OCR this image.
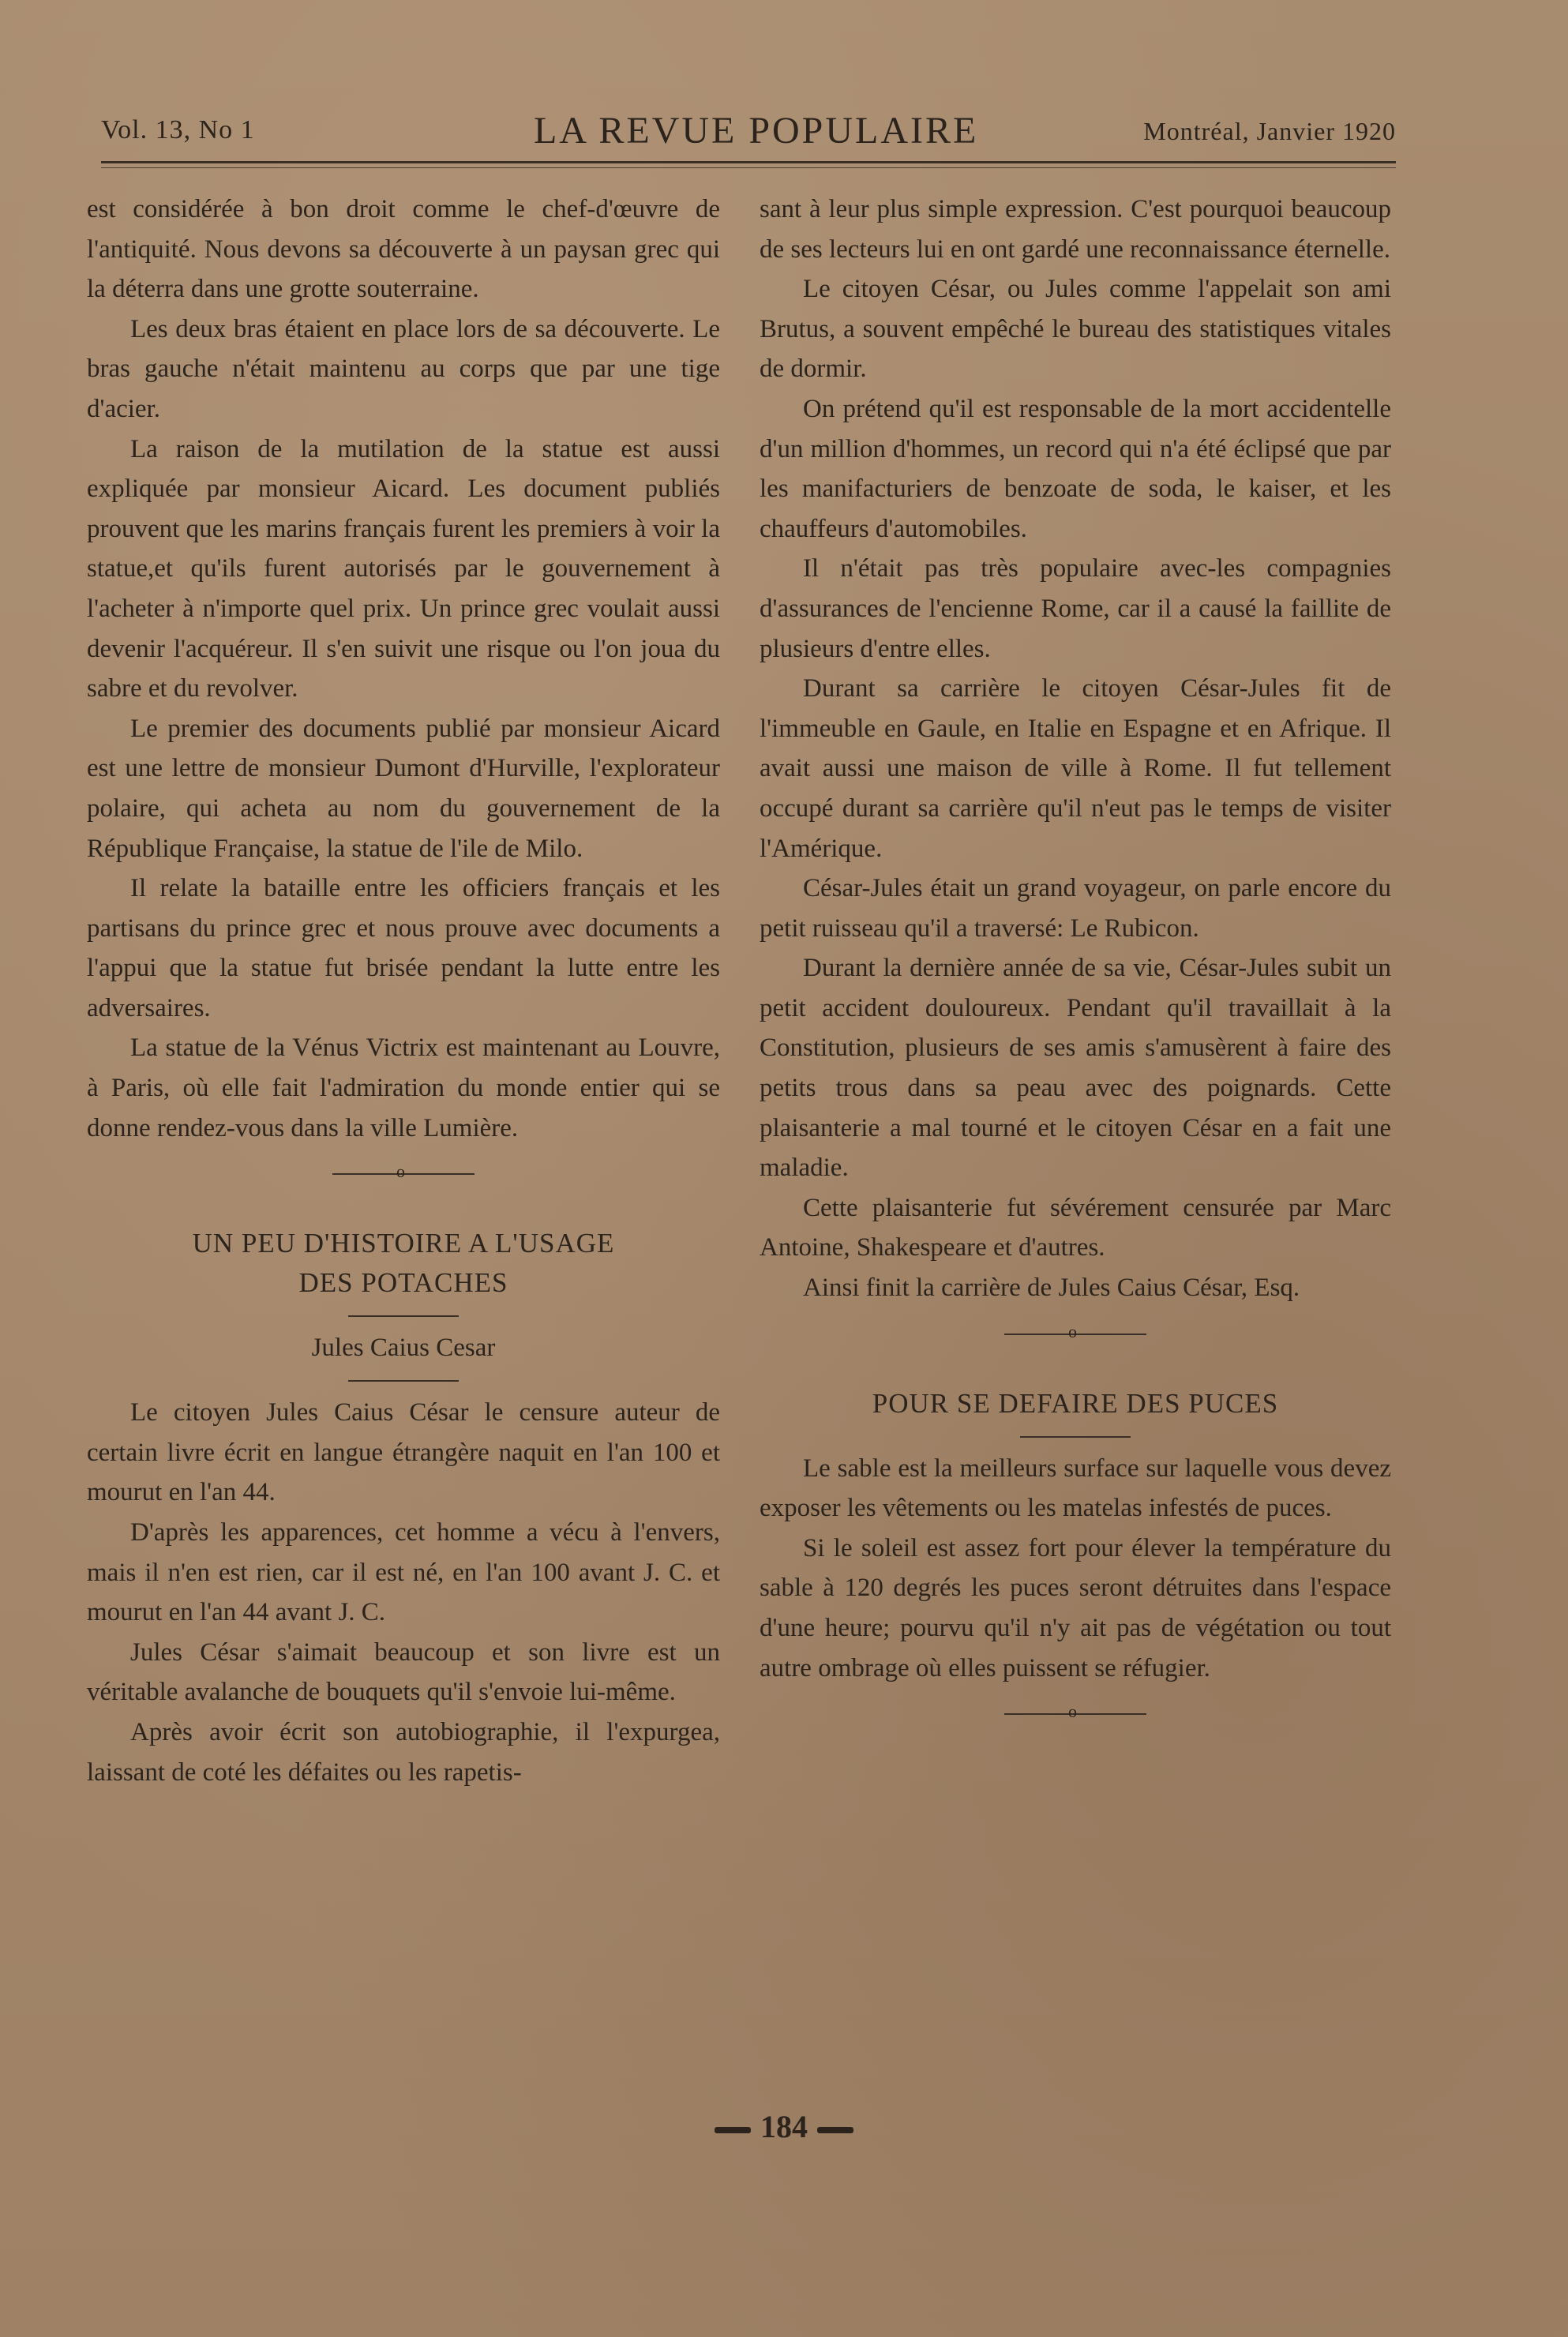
Vol. 13, No 1	LA REVUE POPULAIRE	Montréal, Janvier 1920

est considérée à bon droit comme le chef-d'œuvre de l'antiquité. Nous devons sa découverte à un paysan grec qui la déterra dans une grotte souterraine.

Les deux bras étaient en place lors de sa découverte. Le bras gauche n'était maintenu au corps que par une tige d'acier.

La raison de la mutilation de la statue est aussi expliquée par monsieur Aicard. Les document publiés prouvent que les marins français furent les premiers à voir la statue,et qu'ils furent autorisés par le gouvernement à l'acheter à n'importe quel prix. Un prince grec voulait aussi devenir l'acquéreur. Il s'en suivit une risque ou l'on joua du sabre et du revolver.

Le premier des documents publié par monsieur Aicard est une lettre de monsieur Dumont d'Hurville, l'explorateur polaire, qui acheta au nom du gouvernement de la République Française, la statue de l'ile de Milo.

Il relate la bataille entre les officiers français et les partisans du prince grec et nous prouve avec documents a l'appui que la statue fut brisée pendant la lutte entre les adversaires.

La statue de la Vénus Victrix est maintenant au Louvre, à Paris, où elle fait l'admiration du monde entier qui se donne rendez-vous dans la ville Lumière.

o
UN PEU D'HISTOIRE A L'USAGE
DES POTACHES
Jules Caius Cesar

Le citoyen Jules Caius César le censure auteur de certain livre écrit en langue étrangère naquit en l'an 100 et mourut en l'an 44.

D'après les apparences, cet homme a vécu à l'envers, mais il n'en est rien, car il est né, en l'an 100 avant J. C. et mourut en l'an 44 avant J. C.

Jules César s'aimait beaucoup et son livre est un véritable avalanche de bouquets qu'il s'envoie lui-même.

Après avoir écrit son autobiographie, il l'expurgea, laissant de coté les défaites ou les rapetis-

sant à leur plus simple expression. C'est pourquoi beaucoup de ses lecteurs lui en ont gardé une reconnaissance éternelle.

Le citoyen César, ou Jules comme l'appelait son ami Brutus, a souvent empêché le bureau des statistiques vitales de dormir.

On prétend qu'il est responsable de la mort accidentelle d'un million d'hommes, un record qui n'a été éclipsé que par les manifacturiers de benzoate de soda, le kaiser, et les chauffeurs d'automobiles.

Il n'était pas très populaire avec-les compagnies d'assurances de l'encienne Rome, car il a causé la faillite de plusieurs d'entre elles.

Durant sa carrière le citoyen César-Jules fit de l'immeuble en Gaule, en Italie en Espagne et en Afrique. Il avait aussi une maison de ville à Rome. Il fut tellement occupé durant sa carrière qu'il n'eut pas le temps de visiter l'Amérique.

César-Jules était un grand voyageur, on parle encore du petit ruisseau qu'il a traversé: Le Rubicon.

Durant la dernière année de sa vie, César-Jules subit un petit accident douloureux. Pendant qu'il travaillait à la Constitution, plusieurs de ses amis s'amusèrent à faire des petits trous dans sa peau avec des poignards. Cette plaisanterie a mal tourné et le citoyen César en a fait une maladie.

Cette plaisanterie fut sévérement censurée par Marc Antoine, Shakespeare et d'autres.

Ainsi finit la carrière de Jules Caius César, Esq.

o
POUR SE DEFAIRE DES PUCES

Le sable est la meilleurs surface sur laquelle vous devez exposer les vêtements ou les matelas infestés de puces.

Si le soleil est assez fort pour élever la température du sable à 120 degrés les puces seront détruites dans l'espace d'une heure; pourvu qu'il n'y ait pas de végétation ou tout autre ombrage où elles puissent se réfugier.

o
184
